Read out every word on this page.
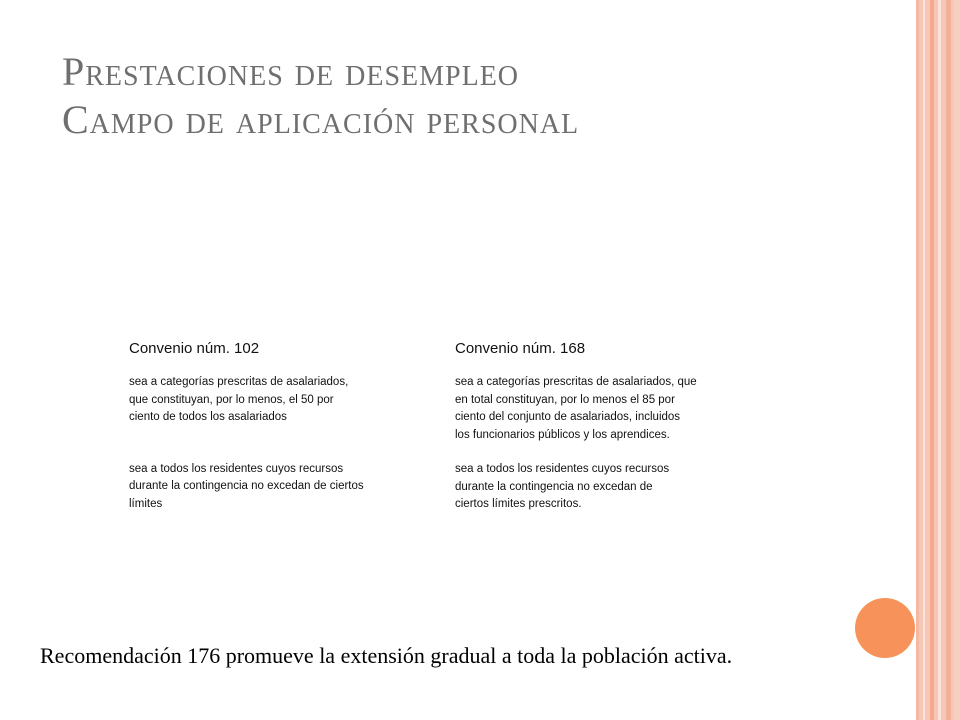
Prestaciones de desempleo
Campo de aplicación personal
Convenio núm. 102
sea a categorías prescritas de asalariados,
que constituyan, por lo menos, el 50 por
ciento de todos los asalariados
sea a todos los residentes cuyos recursos
durante la contingencia no excedan de ciertos
límites
Convenio núm. 168
sea a categorías prescritas de asalariados, que
en total constituyan, por lo menos el 85 por
ciento del conjunto de asalariados, incluidos
los funcionarios públicos y los aprendices.
sea a todos los residentes cuyos recursos
durante la contingencia no excedan de
ciertos límites prescritos.
Recomendación 176 promueve la extensión gradual a toda la población activa.
